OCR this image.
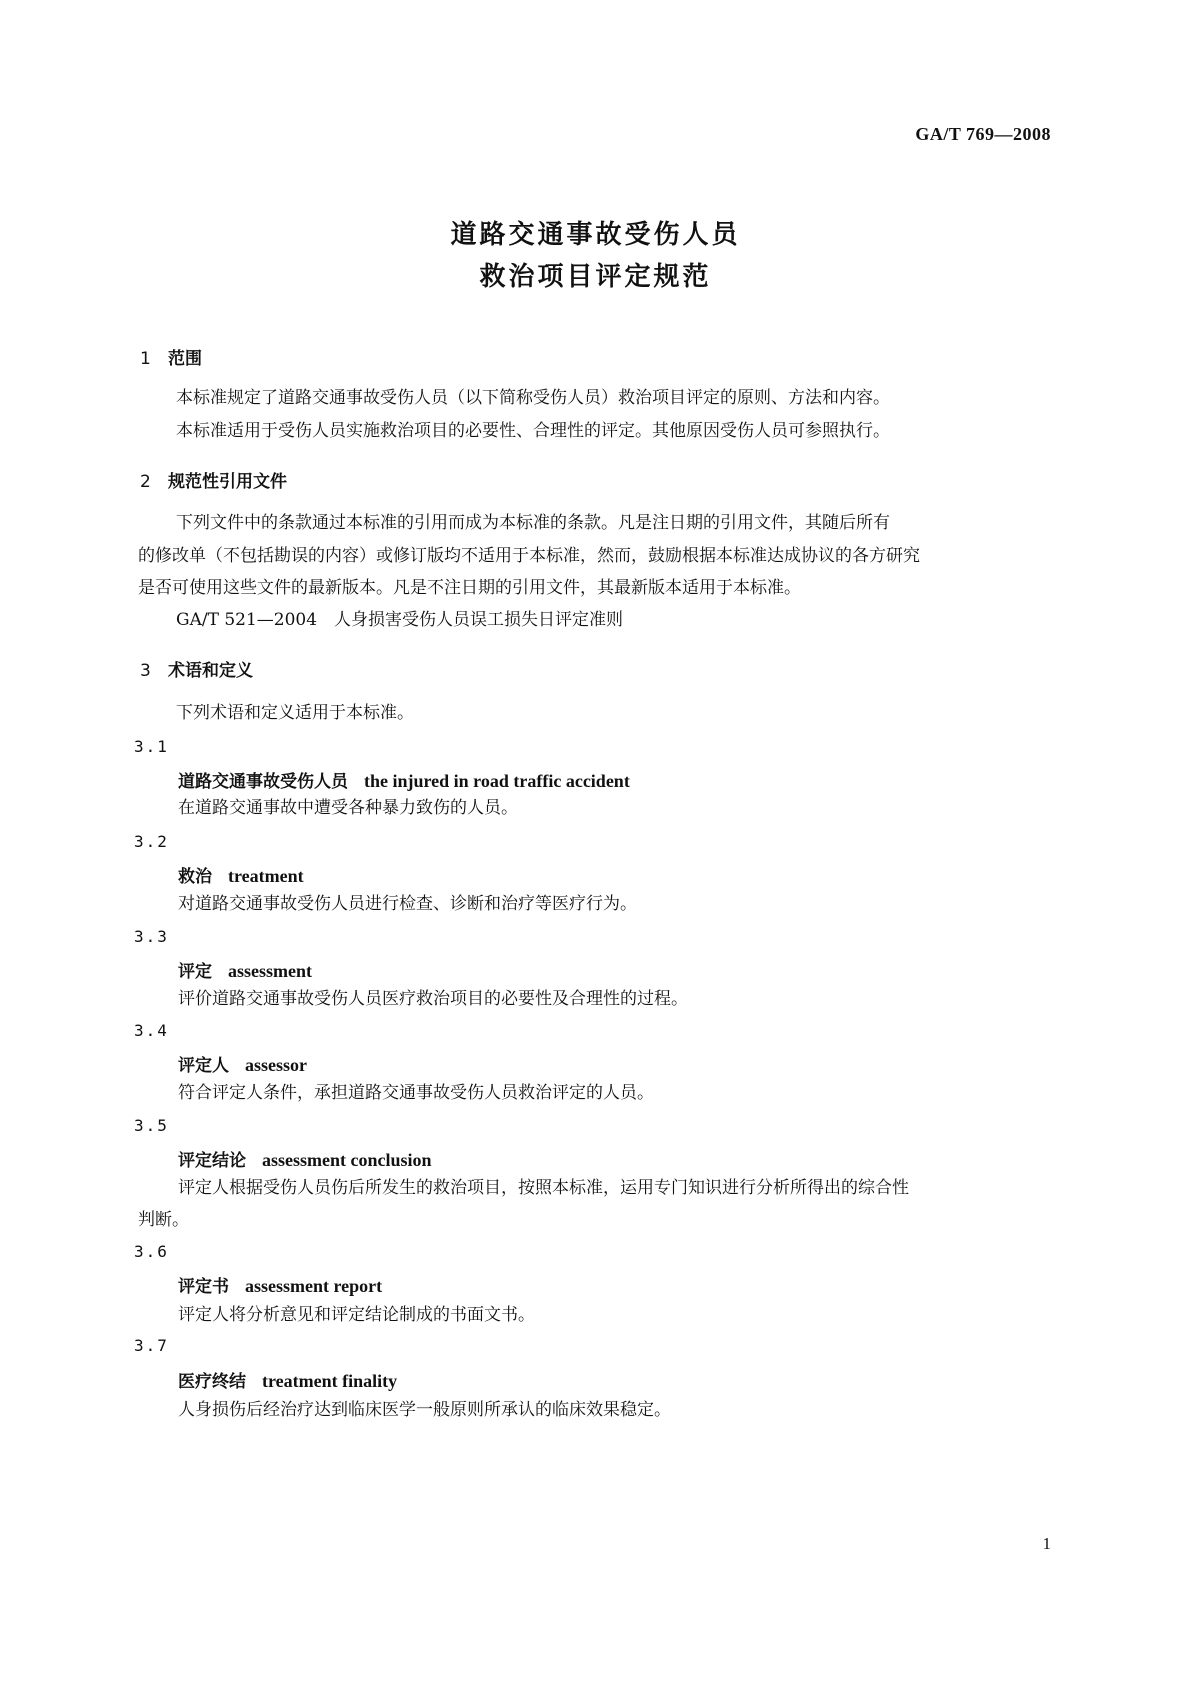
GA/T 769—2008
道路交通事故受伤人员
救治项目评定规范
1 范围
本标准规定了道路交通事故受伤人员（以下简称受伤人员）救治项目评定的原则、方法和内容。
本标准适用于受伤人员实施救治项目的必要性、合理性的评定。其他原因受伤人员可参照执行。
2 规范性引用文件
下列文件中的条款通过本标准的引用而成为本标准的条款。凡是注日期的引用文件，其随后所有
的修改单（不包括勘误的内容）或修订版均不适用于本标准，然而，鼓励根据本标准达成协议的各方研究
是否可使用这些文件的最新版本。凡是不注日期的引用文件，其最新版本适用于本标准。
GA/T 521—2004　人身损害受伤人员误工损失日评定准则
3 术语和定义
下列术语和定义适用于本标准。
3.1
道路交通事故受伤人员 the injured in road traffic accident
在道路交通事故中遭受各种暴力致伤的人员。
3.2
救治 treatment
对道路交通事故受伤人员进行检查、诊断和治疗等医疗行为。
3.3
评定 assessment
评价道路交通事故受伤人员医疗救治项目的必要性及合理性的过程。
3.4
评定人 assessor
符合评定人条件，承担道路交通事故受伤人员救治评定的人员。
3.5
评定结论 assessment conclusion
评定人根据受伤人员伤后所发生的救治项目，按照本标准，运用专门知识进行分析所得出的综合性
判断。
3.6
评定书 assessment report
评定人将分析意见和评定结论制成的书面文书。
3.7
医疗终结 treatment finality
人身损伤后经治疗达到临床医学一般原则所承认的临床效果稳定。
1
